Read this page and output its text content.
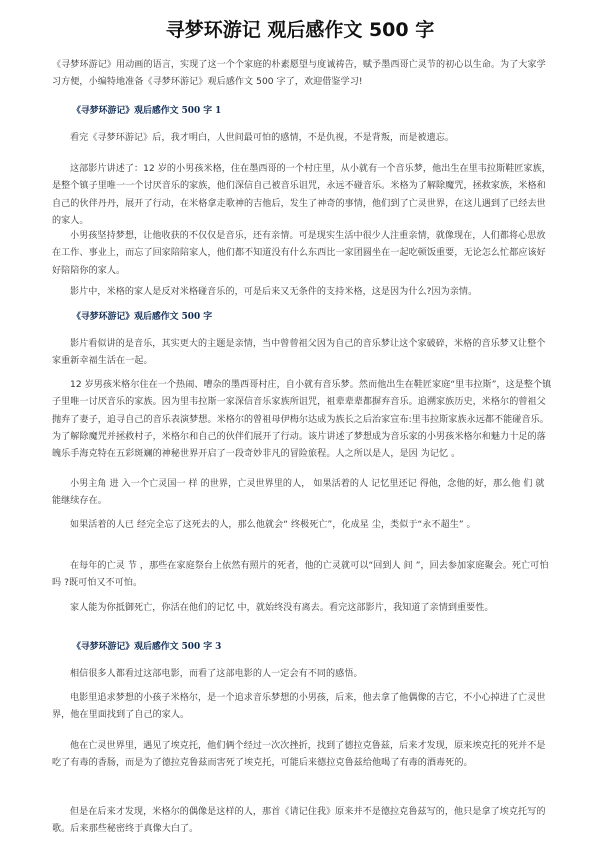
寻梦环游记 观后感作文 500 字
《寻梦环游记》用动画的语言，实现了这一个个家庭的朴素愿望与度诚祷告，赋予墨西哥亡灵节的初心以生命。为了大家学习方便，小编特地准备《寻梦环游记》观后感作文 500 字了，欢迎借鉴学习!
《寻梦环游记》观后感作文 500 字 1
看完《寻梦环游记》后，我才明白，人世间最可怕的感情，不是仇视，不是背叛，而是被遗忘。
这部影片讲述了：12 岁的小男孩米格，住在墨西哥的一个村庄里，从小就有一个音乐梦，他出生在里韦拉斯鞋匠家族，是整个镇子里唯一一个讨厌音乐的家族，他们深信自己被音乐诅咒，永远不碰音乐。米格为了解除魔咒，拯救家族，米格和自己的伙伴丹丹，展开了行动，在米格拿走歌神的吉他后，发生了神奇的事情，他们到了亡灵世界，在这儿遇到了已经去世的家人。
小男孩坚持梦想，让他收获的不仅仅是音乐，还有亲情。可是现实生活中很少人注重亲情，就像现在，人们都将心思放在工作、事业上，而忘了回家陪陪家人，他们都不知道没有什么东西比一家团圆坐在一起吃顿饭重要，无论怎么忙都应该好好陪陪你的家人。
影片中，米格的家人是反对米格碰音乐的，可是后来又无条件的支持米格，这是因为什么?因为亲情。
《寻梦环游记》观后感作文 500 字
影片看似讲的是音乐，其实更大的主题是亲情，当中曾曾祖父因为自己的音乐梦让这个家破碎，米格的音乐梦又让整个家重新幸福生活在一起。
12 岁男孩米格尔住在一个热闹、嘈杂的墨西哥村庄，自小就有音乐梦。然而他出生在鞋匠家庭“里韦拉斯”，这是整个镇子里唯一讨厌音乐的家族。因为里韦拉斯一家深信音乐家族所诅咒，祖辈辈辈都摒弃音乐。追溯家族历史，米格尔的曾祖父抛弃了妻子，追寻自己的音乐表演梦想。米格尔的曾祖母伊梅尔达成为族长之后治家宣布:里韦拉斯家族永远都不能碰音乐。为了解除魔咒并拯救村子，米格尔和自己的伙伴们展开了行动。该片讲述了梦想成为音乐家的小男孩米格尔和魅力十足的落魄乐手海克特在五彩斑斓的神秘世界开启了一段奇妙非凡的冒险旅程。人之所以是人，是因 为记忆 。
小男主角 进 入一个亡灵国一 样 的世界，亡灵世界里的人， 如果活着的人 记忆里还记 得他，念他的好，那么他 们 就能继续存在。
如果活着的人已 经完全忘了这死去的人，那么他就会“ 终极死亡”，化成星 尘，类似于“永不超生” 。
在每年的亡灵 节 ，那些在家庭祭台上依然有照片的死者，他的亡灵就可以“回到人 间 ”，回去参加家庭聚会。死亡可怕 吗 ?既可怕又不可怕。
家人能为你抵御死亡，你活在他们的记忆 中，就始终没有离去。看完这部影片，我知道了亲情到重要性。
《寻梦环游记》观后感作文 500 字 3
相信很多人都看过这部电影，而看了这部电影的人一定会有不同的感悟。
电影里追求梦想的小孩子米格尔，是一个追求音乐梦想的小男孩，后来，他去拿了他偶像的吉它，不小心掉进了亡灵世界，他在里面找到了自己的家人。
他在亡灵世界里，遇见了埃克托，他们俩个经过一次次挫折，找到了德拉克鲁兹，后来才发现，原来埃克托的死并不是吃了有毒的香肠，而是为了德拉克鲁兹而害死了埃克托，可能后来德拉克鲁兹给他喝了有毒的酒毒死的。
但是在后来才发现，米格尔的偶像是这样的人，那首《请记住我》原来并不是德拉克鲁兹写的，他只是拿了埃克托写的歌。后来那些秘密终于真像大白了。
